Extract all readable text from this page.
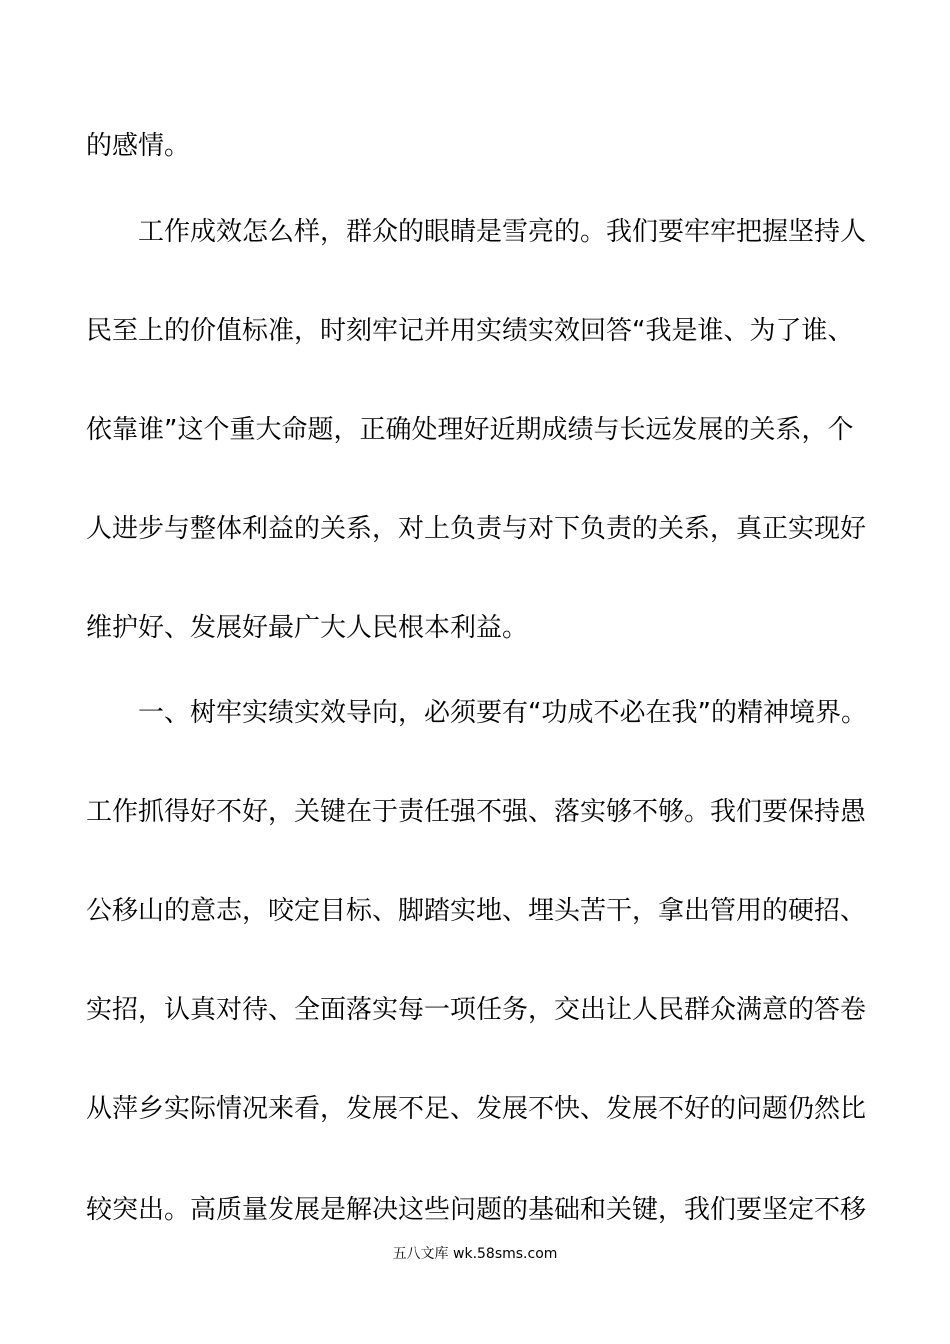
的感情。
工作成效怎么样，群众的眼睛是雪亮的。我们要牢牢把握坚持人
民至上的价值标准，时刻牢记并用实绩实效回答“我是谁、为了谁、
依靠谁”这个重大命题，正确处理好近期成绩与长远发展的关系，个
人进步与整体利益的关系，对上负责与对下负责的关系，真正实现好
维护好、发展好最广大人民根本利益。
一、树牢实绩实效导向，必须要有“功成不必在我”的精神境界。
工作抓得好不好，关键在于责任强不强、落实够不够。我们要保持愚
公移山的意志，咬定目标、脚踏实地、埋头苦干，拿出管用的硬招、
实招，认真对待、全面落实每一项任务，交出让人民群众满意的答卷
从萍乡实际情况来看，发展不足、发展不快、发展不好的问题仍然比
较突出。高质量发展是解决这些问题的基础和关键，我们要坚定不移
五八文库 wk.58sms.com
